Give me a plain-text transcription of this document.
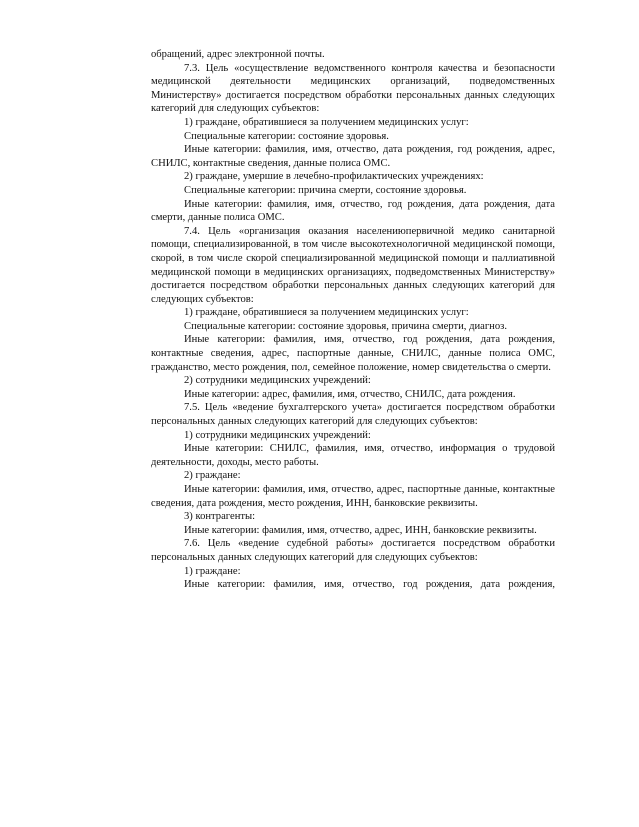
обращений, адрес электронной почты.

7.3. Цель «осуществление ведомственного контроля качества и безопасности медицинской деятельности медицинских организаций, подведомственных Министерству» достигается посредством обработки персональных данных следующих категорий для следующих субъектов:

1) граждане, обратившиеся за получением медицинских услуг:

Специальные категории: состояние здоровья.

Иные категории: фамилия, имя, отчество, дата рождения, год рождения, адрес, СНИЛС, контактные сведения, данные полиса ОМС.

2) граждане, умершие в лечебно-профилактических учреждениях:

Специальные категории: причина смерти, состояние здоровья.

Иные категории: фамилия, имя, отчество, год рождения, дата рождения, дата смерти, данные полиса ОМС.

7.4. Цель «организация оказания населениюпервичной медико санитарной помощи, специализированной, в том числе высокотехнологичной медицинской помощи, скорой, в том числе скорой специализированной медицинской помощи и паллиативной медицинской помощи в медицинских организациях, подведомственных Министерству» достигается посредством обработки персональных данных следующих категорий для следующих субъектов:

1) граждане, обратившиеся за получением медицинских услуг:

Специальные категории: состояние здоровья, причина смерти, диагноз.

Иные категории: фамилия, имя, отчество, год рождения, дата рождения, контактные сведения, адрес, паспортные данные, СНИЛС, данные полиса ОМС, гражданство, место рождения, пол, семейное положение, номер свидетельства о смерти.

2) сотрудники медицинских учреждений:

Иные категории: адрес, фамилия, имя, отчество, СНИЛС, дата рождения.

7.5. Цель «ведение бухгалтерского учета» достигается посредством обработки персональных данных следующих категорий для следующих субъектов:

1) сотрудники медицинских учреждений:

Иные категории: СНИЛС, фамилия, имя, отчество, информация о трудовой деятельности, доходы, место работы.

2) граждане:

Иные категории: фамилия, имя, отчество, адрес, паспортные данные, контактные сведения, дата рождения, место рождения, ИНН, банковские реквизиты.

3) контрагенты:

Иные категории: фамилия, имя, отчество, адрес, ИНН, банковские реквизиты.

7.6. Цель «ведение судебной работы» достигается посредством обработки персональных данных следующих категорий для следующих субъектов:

1) граждане:

Иные категории: фамилия, имя, отчество, год рождения, дата рождения,
